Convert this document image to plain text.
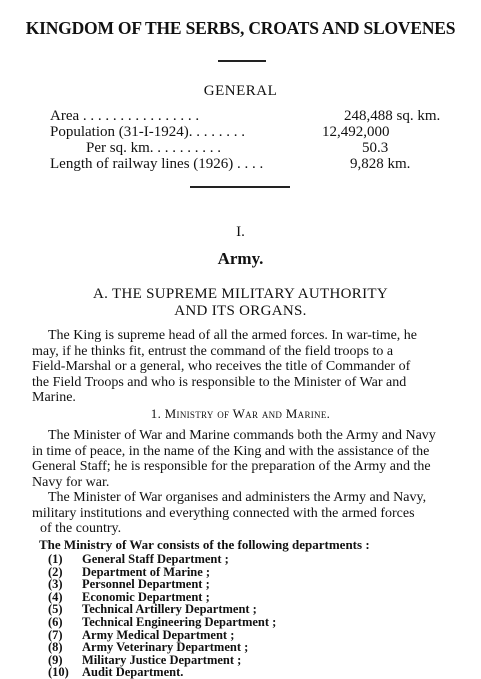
KINGDOM OF THE SERBS, CROATS AND SLOVENES
GENERAL
Area . . . . . . . . . . . . . . . .	248,488 sq. km.
Population (31-I-1924). . . . . . . .	12,492,000
Per sq. km. . . . . . . . . .	50.3
Length of railway lines (1926) . . . .	9,828 km.
I.
Army.
A. THE SUPREME MILITARY AUTHORITY
AND ITS ORGANS.
The King is supreme head of all the armed forces. In war-time, he
may, if he thinks fit, entrust the command of the field troops to a
Field-Marshal or a general, who receives the title of Commander of
the Field Troops and who is responsible to the Minister of War and
Marine.
1. Ministry of War and Marine.
The Minister of War and Marine commands both the Army and Navy
in time of peace, in the name of the King and with the assistance of the
General Staff; he is responsible for the preparation of the Army and the
Navy for war.
The Minister of War organises and administers the Army and Navy,
military institutions and everything connected with the armed forces
of the country.
The Ministry of War consists of the following departments :
(1) General Staff Department ;
(2) Department of Marine ;
(3) Personnel Department ;
(4) Economic Department ;
(5) Technical Artillery Department ;
(6) Technical Engineering Department ;
(7) Army Medical Department ;
(8) Army Veterinary Department ;
(9) Military Justice Department ;
(10) Audit Department.
